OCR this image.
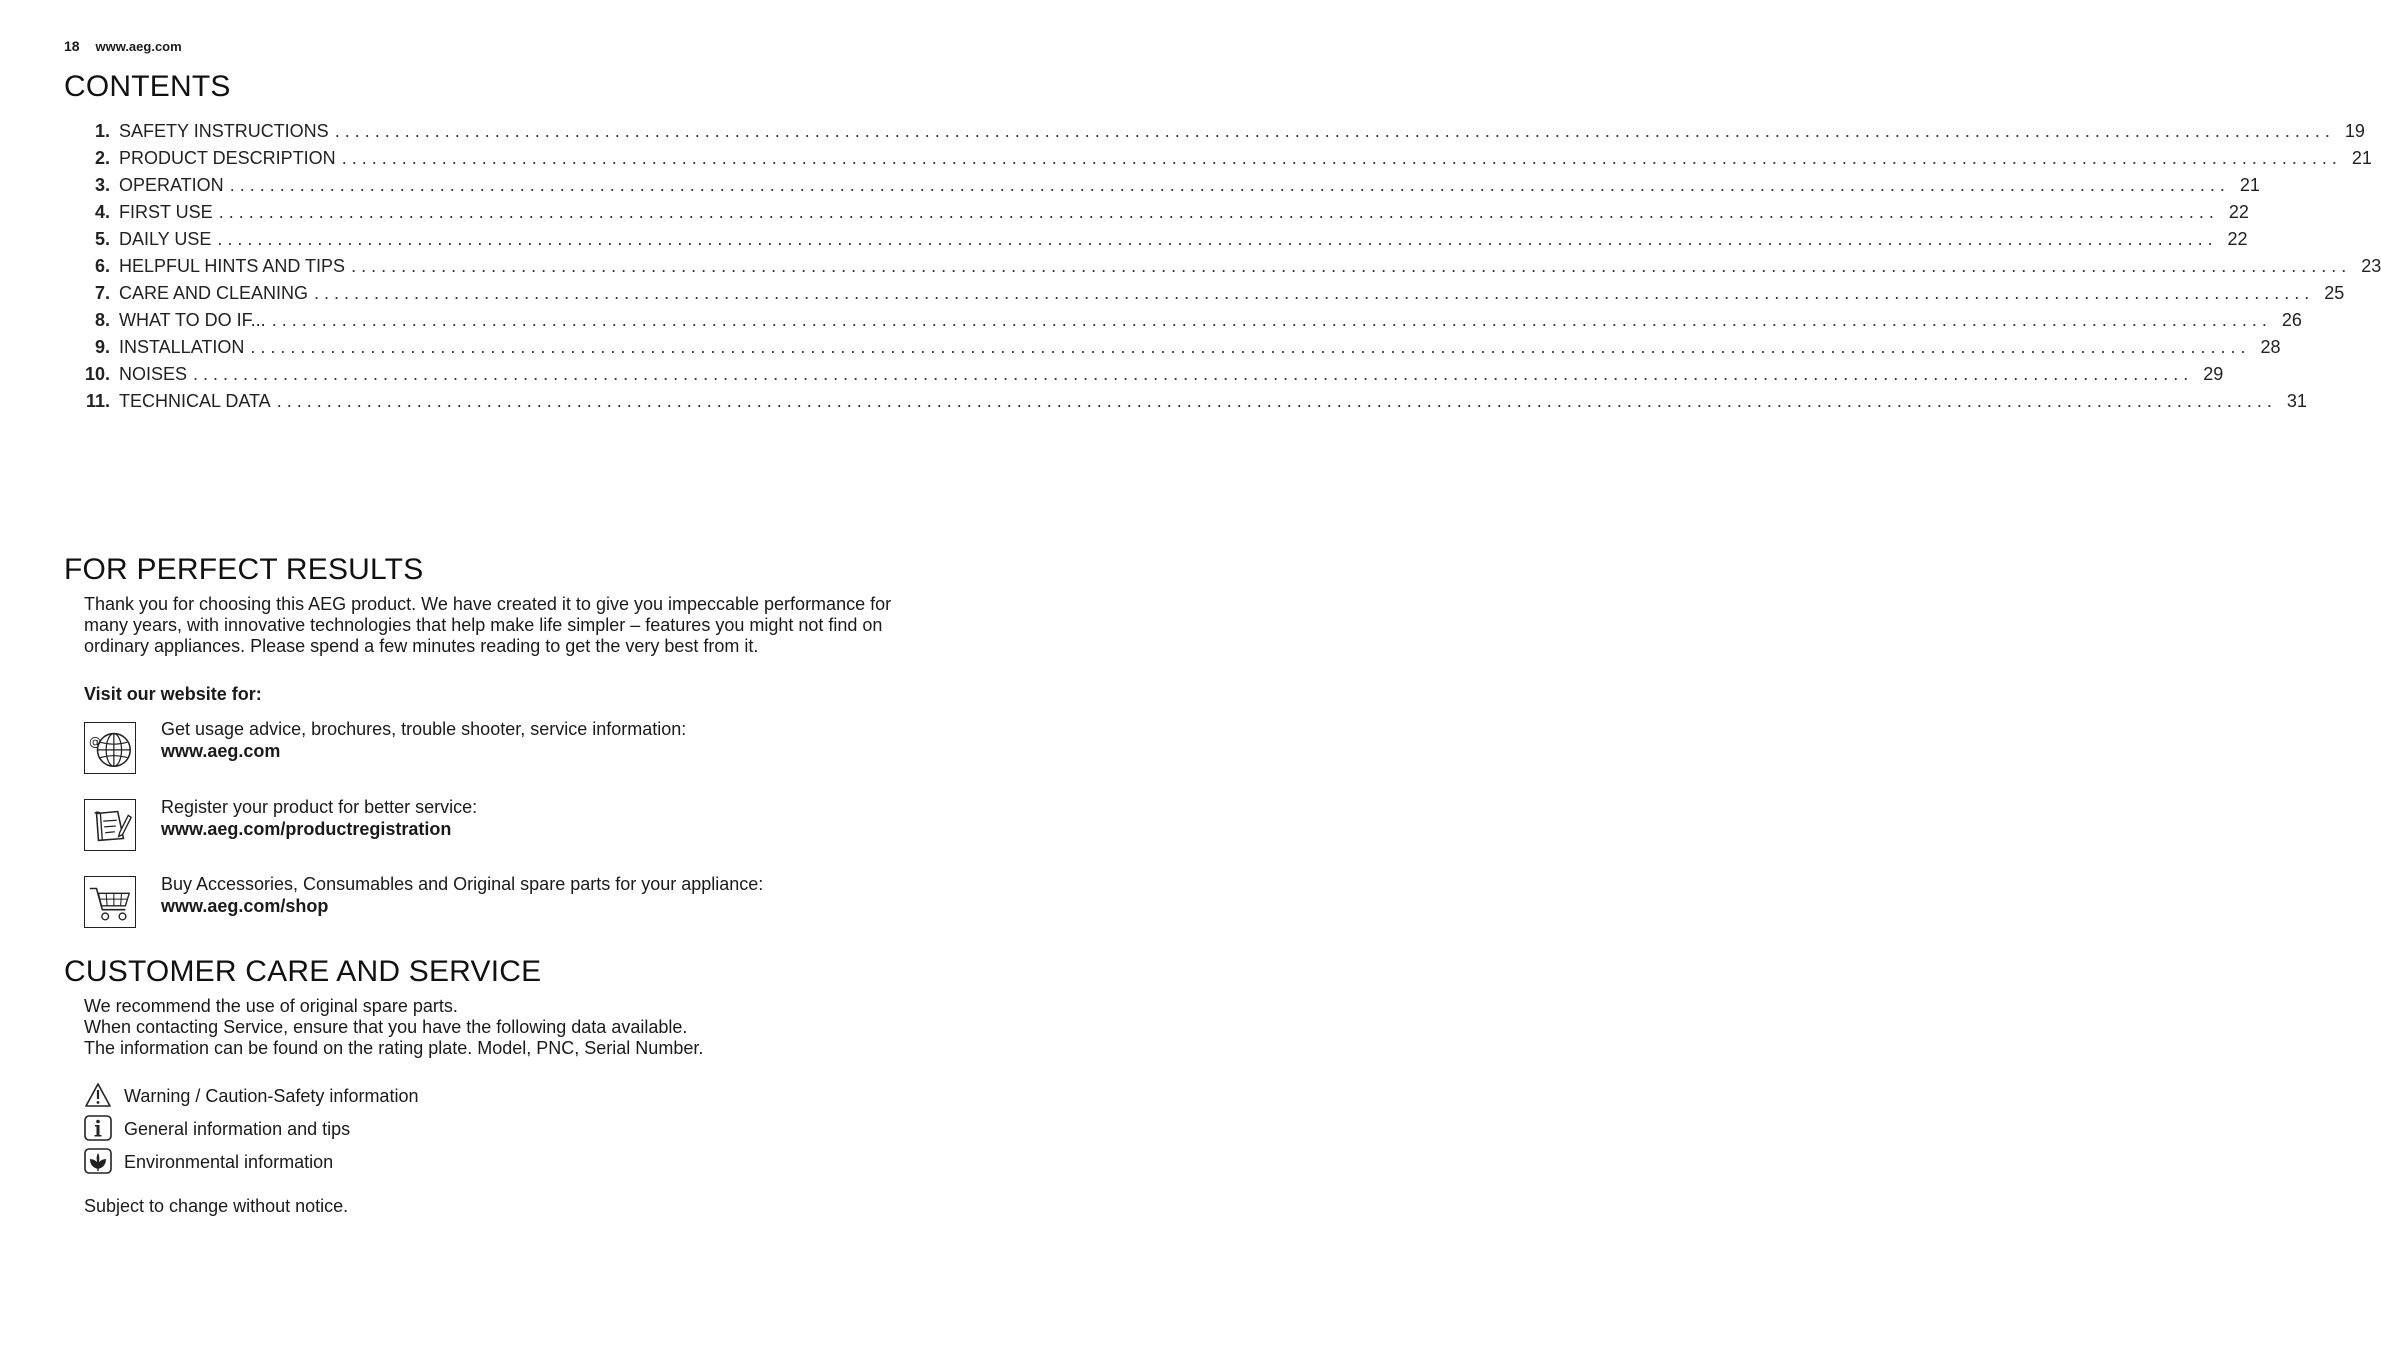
18 www.aeg.com
CONTENTS
1. SAFETY INSTRUCTIONS ........................................................................................................................................................................................................ 19
2. PRODUCT DESCRIPTION ........................................................................................................................................................................................................ 21
3. OPERATION ........................................................................................................................................................................................................ 21
4. FIRST USE ........................................................................................................................................................................................................ 22
5. DAILY USE ........................................................................................................................................................................................................ 22
6. HELPFUL HINTS AND TIPS ........................................................................................................................................................................................................ 23
7. CARE AND CLEANING ........................................................................................................................................................................................................ 25
8. WHAT TO DO IF... ........................................................................................................................................................................................................ 26
9. INSTALLATION ........................................................................................................................................................................................................ 28
10. NOISES ........................................................................................................................................................................................................ 29
11. TECHNICAL DATA ........................................................................................................................................................................................................ 31
FOR PERFECT RESULTS

Thank you for choosing this AEG product. We have created it to give you impeccable performance for many years, with innovative technologies that help make life simpler – features you might not find on ordinary appliances. Please spend a few minutes reading to get the very best from it.

Visit our website for:

@
Get usage advice, brochures, trouble shooter, service information:
www.aeg.com
Register your product for better service:
www.aeg.com/productregistration
Buy Accessories, Consumables and Original spare parts for your appliance:
www.aeg.com/shop
CUSTOMER CARE AND SERVICE
We recommend the use of original spare parts.
When contacting Service, ensure that you have the following data available.
The information can be found on the rating plate. Model, PNC, Serial Number.
Warning / Caution-Safety information
General information and tips
Environmental information

Subject to change without notice.
